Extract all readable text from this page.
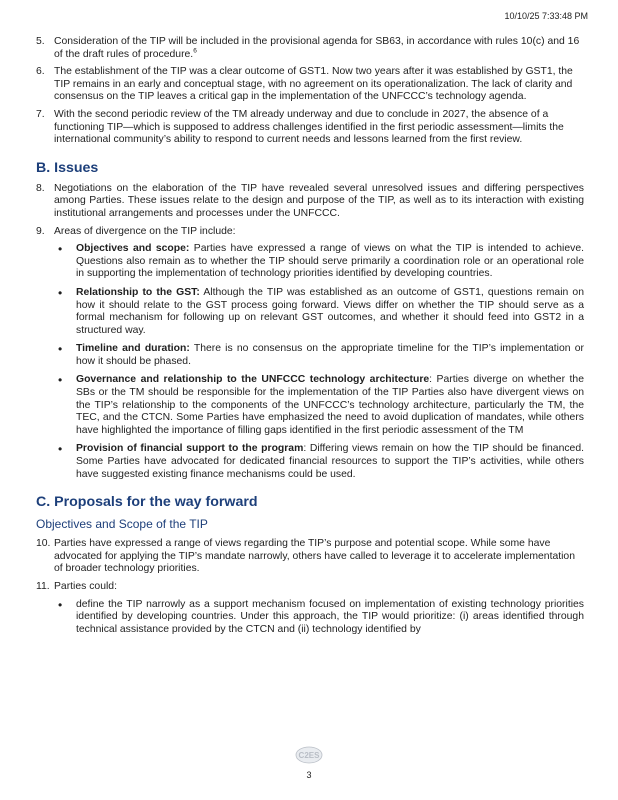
10/10/25 7:33:48 PM
5. Consideration of the TIP will be included in the provisional agenda for SB63, in accordance with rules 10(c) and 16 of the draft rules of procedure.$^6$
6. The establishment of the TIP was a clear outcome of GST1. Now two years after it was established by GST1, the TIP remains in an early and conceptual stage, with no agreement on its operationalization. The lack of clarity and consensus on the TIP leaves a critical gap in the implementation of the UNFCCC’s technology agenda.
7. With the second periodic review of the TM already underway and due to conclude in 2027, the absence of a functioning TIP—which is supposed to address challenges identified in the first periodic assessment—limits the international community’s ability to respond to current needs and lessons learned from the first review.
B. Issues
8. Negotiations on the elaboration of the TIP have revealed several unresolved issues and differing perspectives among Parties. These issues relate to the design and purpose of the TIP, as well as to its interaction with existing institutional arrangements and processes under the UNFCCC.
9. Areas of divergence on the TIP include:
•	Objectives and scope: Parties have expressed a range of views on what the TIP is intended to achieve. Questions also remain as to whether the TIP should serve primarily a coordination role or an operational role in supporting the implementation of technology priorities identified by developing countries.
•	Relationship to the GST: Although the TIP was established as an outcome of GST1, questions remain on how it should relate to the GST process going forward. Views differ on whether the TIP should serve as a formal mechanism for following up on relevant GST outcomes, and whether it should feed into GST2 in a structured way.
•	Timeline and duration: There is no consensus on the appropriate timeline for the TIP’s implementation or how it should be phased.
•	Governance and relationship to the UNFCCC technology architecture: Parties diverge on whether the SBs or the TM should be responsible for the implementation of the TIP Parties also have divergent views on the TIP’s relationship to the components of the UNFCCC’s technology architecture, particularly the TM, the TEC, and the CTCN. Some Parties have emphasized the need to avoid duplication of mandates, while others have highlighted the importance of filling gaps identified in the first periodic assessment of the TM
•	Provision of financial support to the program: Differing views remain on how the TIP should be financed. Some Parties have advocated for dedicated financial resources to support the TIP’s activities, while others have suggested existing finance mechanisms could be used.
C. Proposals for the way forward
Objectives and Scope of the TIP
10. Parties have expressed a range of views regarding the TIP’s purpose and potential scope. While some have advocated for applying the TIP’s mandate narrowly, others have called to leverage it to accelerate implementation of broader technology priorities.
11. Parties could:
•	define the TIP narrowly as a support mechanism focused on implementation of existing technology priorities identified by developing countries. Under this approach, the TIP would prioritize: (i) areas identified through technical assistance provided by the CTCN and (ii) technology identified by
C2ES
3
